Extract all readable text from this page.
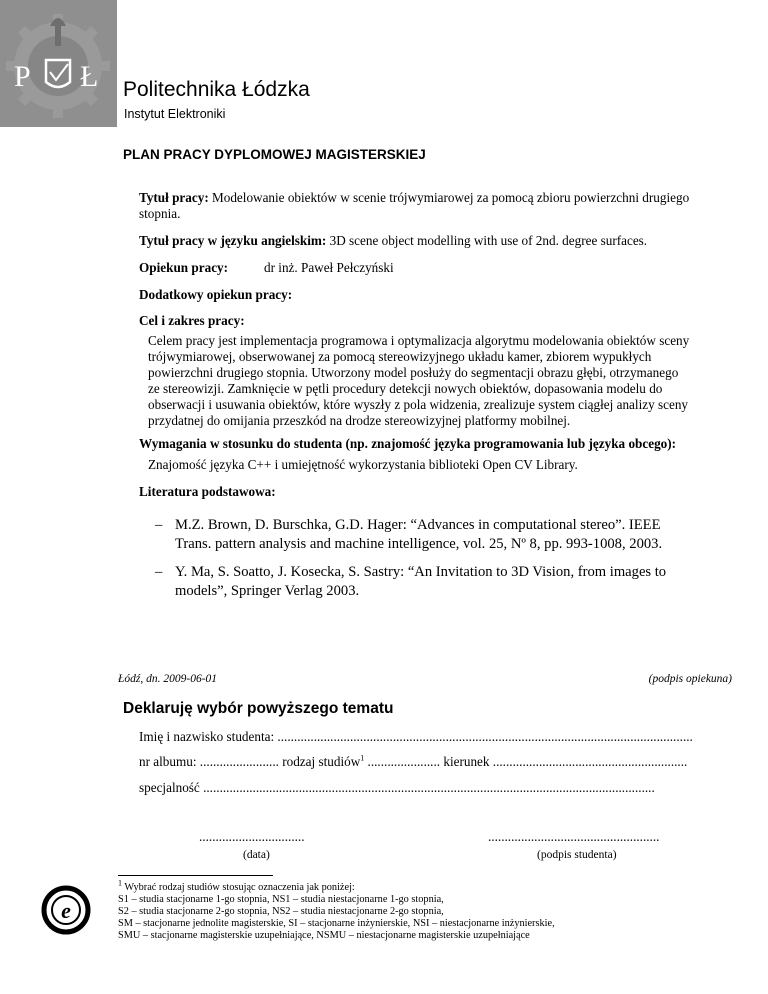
P Ł Politechnika Łódzka
Instytut Elektroniki
PLAN PRACY DYPLOMOWEJ MAGISTERSKIEJ
Tytuł pracy: Modelowanie obiektów w scenie trójwymiarowej za pomocą zbioru powierzchni drugiego
stopnia.
Tytuł pracy w języku angielskim: 3D scene object modelling with use of 2nd. degree surfaces.
Opiekun pracy:	dr inż. Paweł Pełczyński
Dodatkowy opiekun pracy:
Cel i zakres pracy:
Celem pracy jest implementacja programowa i optymalizacja algorytmu modelowania obiektów sceny
trójwymiarowej, obserwowanej za pomocą stereowizyjnego układu kamer, zbiorem wypukłych
powierzchni drugiego stopnia. Utworzony model posłuży do segmentacji obrazu głębi, otrzymanego
ze stereowizji. Zamknięcie w pętli procedury detekcji nowych obiektów, dopasowania modelu do
obserwacji i usuwania obiektów, które wyszły z pola widzenia, zrealizuje system ciągłej analizy sceny
przydatnej do omijania przeszkód na drodze stereowizyjnej platformy mobilnej.
Wymagania w stosunku do studenta (np. znajomość języka programowania lub języka obcego):
Znajomość języka C++ i umiejętność wykorzystania biblioteki Open CV Library.
Literatura podstawowa:
– M.Z. Brown, D. Burschka, G.D. Hager: “Advances in computational stereo”. IEEE
Trans. pattern analysis and machine intelligence, vol. 25, Nº 8, pp. 993-1008, 2003.
– Y. Ma, S. Soatto, J. Kosecka, S. Sastry: “An Invitation to 3D Vision, from images to
models”, Springer Verlag 2003.
Łódź, dn. 2009-06-01	(podpis opiekuna)
Deklaruję wybór powyższego tematu
Imię i nazwisko studenta: ..............................................................................................................................
nr albumu: ........................ rodzaj studiów$^1$ ...................... kierunek ...........................................................
specjalność .........................................................................................................................................
................................
(data)
....................................................
(podpis studenta)
$^1$ Wybrać rodzaj studiów stosując oznaczenia jak poniżej:
S1 – studia stacjonarne 1-go stopnia, NS1 – studia niestacjonarne 1-go stopnia,
S2 – studia stacjonarne 2-go stopnia, NS2 – studia niestacjonarne 2-go stopnia,
SM – stacjonarne jednolite magisterskie, SI – stacjonarne inżynierskie, NSI – niestacjonarne inżynierskie,
SMU – stacjonarne magisterskie uzupełniające, NSMU – niestacjonarne magisterskie uzupełniające
e
